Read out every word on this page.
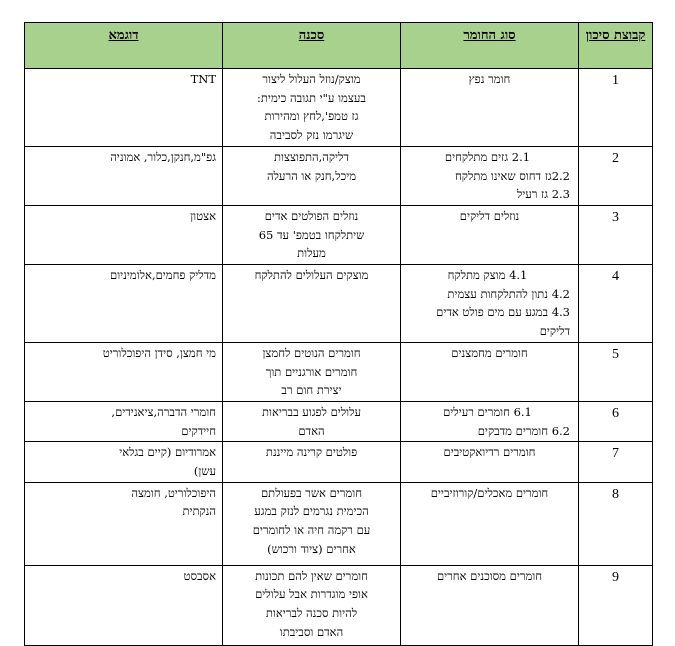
קבוצת סיכון	סוג החומר	סכנה	דוגמא
1	חומר נפץ	מוצק/נוזל העלול ליצור
בעצמו ע"י תגובה כימית:
גז טמפ',לחץ ומהירות
שיגרמו נזק לסביבה	TNT

2	2.1 גזים מתלקחים
2.2גז דחוס שאינו מתלקח
2.3 גז רעיל	דליקה,התפוצצות
מיכל,חנק או הרעלה	גפ"מ,חנקן,כלור, אמוניה

3	נוזלים דליקים	נוזלים הפולטים אדים
שיתלקחו בטמפ' עד 65
מעלות	אצטון

4	4.1 מוצק מתלקח
4.2 נתון להתלקחות עצמית
4.3 במגע עם מים פולט אדים דליקים	מוצקים העלולים להתלקח	מדליק פחמים,אלומיניום

5	חומרים מחמצנים	חומרים הנוטים לחמצן
חומרים אורגניים תוך
יצירת חום רב	מי חמצן, סידן היפוכלוריט

6	6.1 חומרים רעילים
6.2 חומרים מדבקים	עלולים לפגוע בבריאות
האדם	חומרי הדברה,ציאנידים,
חיידקים

7	חומרים רדיואקטיבים	פולטים קרינה מייננת	אמרודיום (קיים בגלאי
עשן)

8	חומרים מאכלים/קורוזיביים	חומרים אשר בפעולתם
הכימית נגרמים לנזק במגע
עם רקמה חיה או לחומרים
אחרים (ציוד ורכוש)	היפוכלוריט, חומצה
הנקתית

9	חומרים מסוכנים אחרים	חומרים שאין להם תכונות
אופי מוגדרות אבל עלולים
להיות סכנה לבריאות
האדם וסביבתו	אסבסט
